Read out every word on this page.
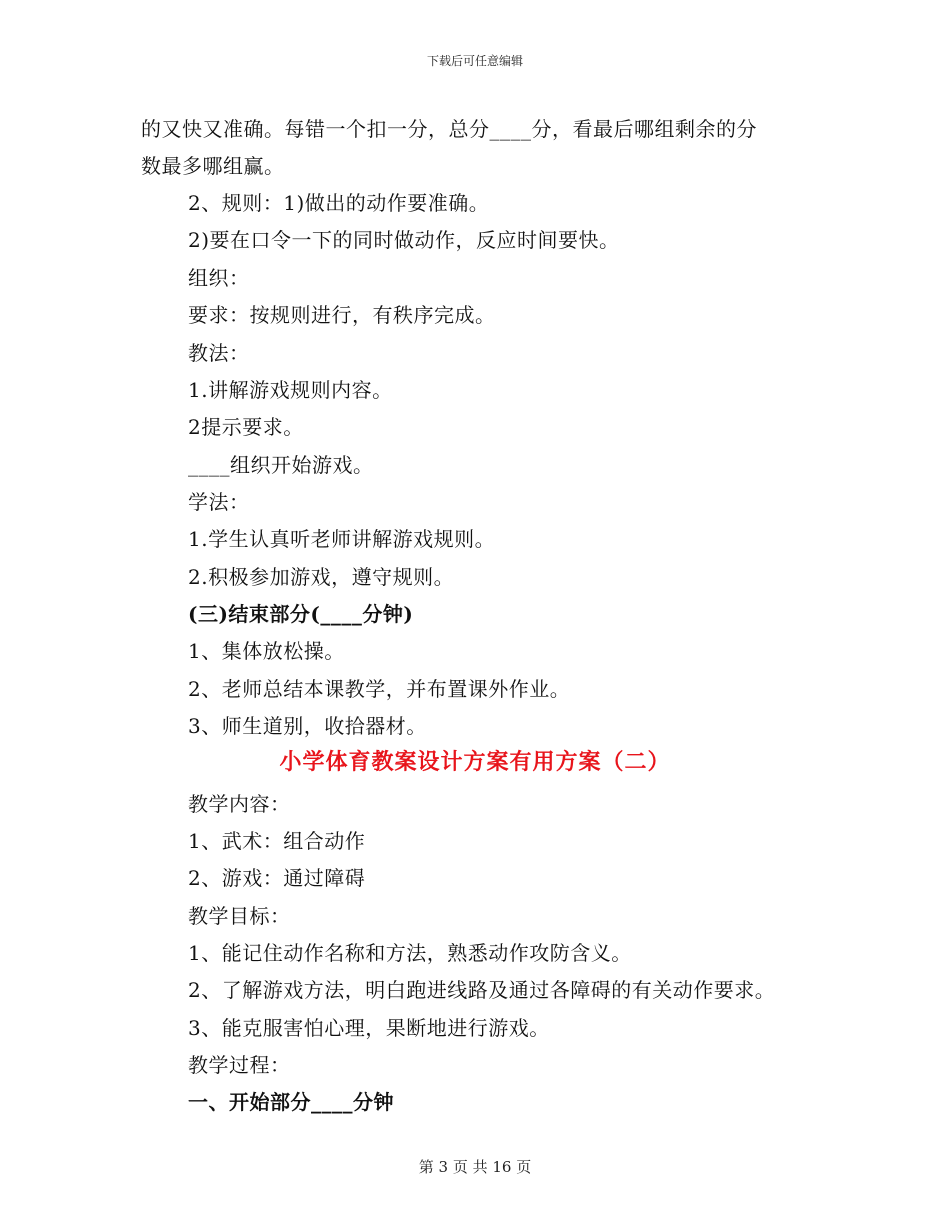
下载后可任意编辑
的又快又准确。每错一个扣一分，总分____分，看最后哪组剩余的分
数最多哪组赢。
2、规则：1)做出的动作要准确。
2)要在口令一下的同时做动作，反应时间要快。
组织：
要求：按规则进行，有秩序完成。
教法：
1.讲解游戏规则内容。
2提示要求。
____组织开始游戏。
学法：
1.学生认真听老师讲解游戏规则。
2.积极参加游戏，遵守规则。
(三)结束部分(____分钟)
1、集体放松操。
2、老师总结本课教学，并布置课外作业。
3、师生道别，收拾器材。
小学体育教案设计方案有用方案（二）
教学内容：
1、武术：组合动作
2、游戏：通过障碍
教学目标：
1、能记住动作名称和方法，熟悉动作攻防含义。
2、了解游戏方法，明白跑进线路及通过各障碍的有关动作要求。
3、能克服害怕心理，果断地进行游戏。
教学过程：
一、开始部分____分钟
第 3 页 共 16 页
